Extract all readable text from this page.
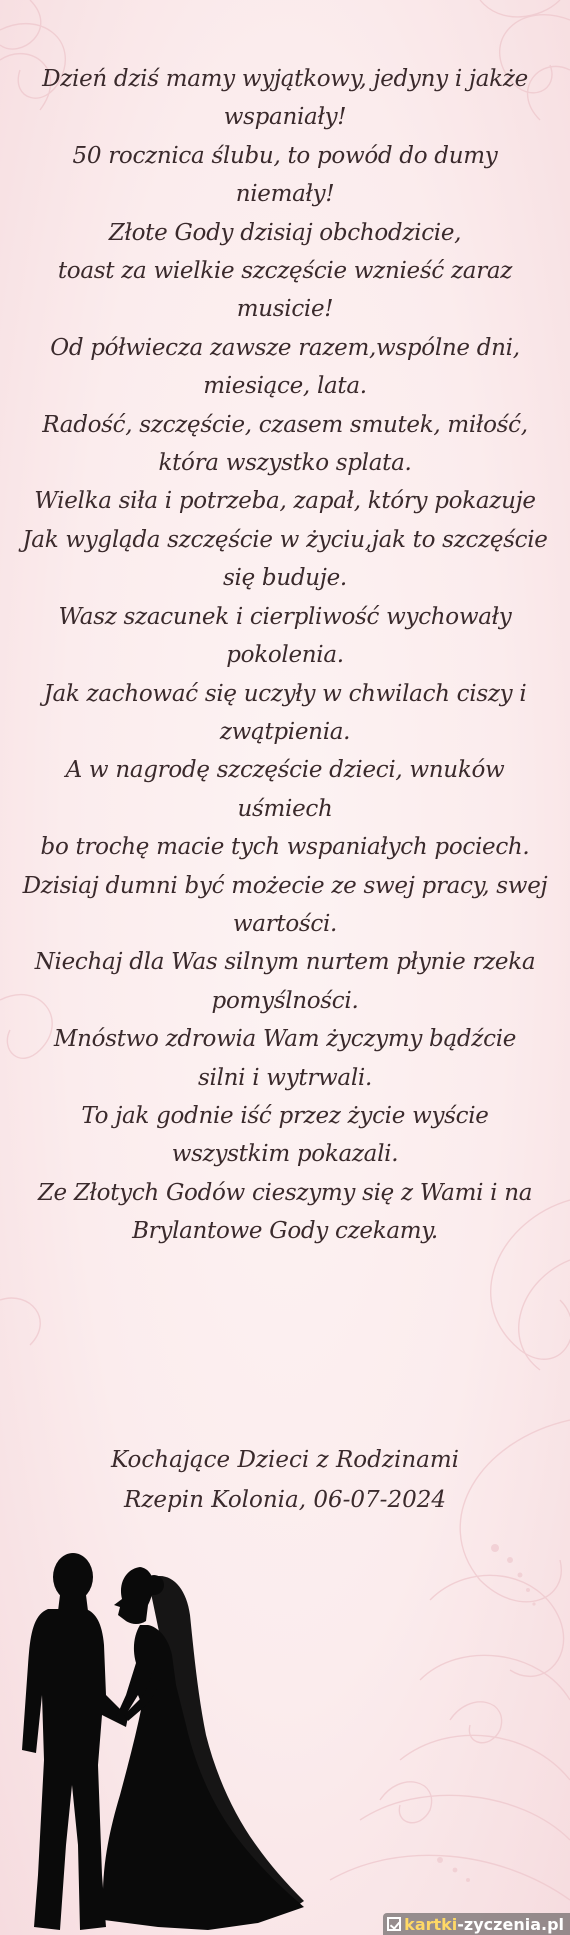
Dzień dziś mamy wyjątkowy, jedyny i jakże
wspaniały!
50 rocznica ślubu, to powód do dumy
niemały!
Złote Gody dzisiaj obchodzicie,
toast za wielkie szczęście wznieść zaraz
musicie!
Od półwiecza zawsze razem,wspólne dni,
miesiące, lata.
Radość, szczęście, czasem smutek, miłość,
która wszystko splata.
Wielka siła i potrzeba, zapał, który pokazuje
Jak wygląda szczęście w życiu,jak to szczęście
się buduje.
Wasz szacunek i cierpliwość wychowały
pokolenia.
Jak zachować się uczyły w chwilach ciszy i
zwątpienia.
A w nagrodę szczęście dzieci, wnuków
uśmiech
bo trochę macie tych wspaniałych pociech.
Dzisiaj dumni być możecie ze swej pracy, swej
wartości.
Niechaj dla Was silnym nurtem płynie rzeka
pomyślności.
Mnóstwo zdrowia Wam życzymy bądźcie
silni i wytrwali.
To jak godnie iść przez życie wyście
wszystkim pokazali.
Ze Złotych Godów cieszymy się z Wami i na
Brylantowe Gody czekamy.
Kochające Dzieci z Rodzinami
Rzepin Kolonia, 06-07-2024
kartki -zyczenia.pl
